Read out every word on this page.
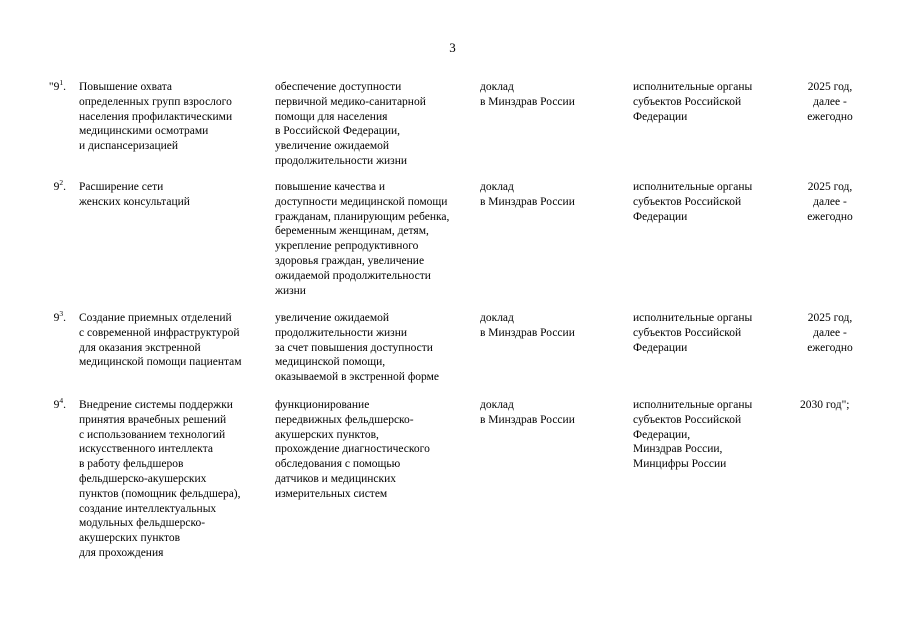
3
"$9^1$. Повышение охвата
определенных групп взрослого
населения профилактическими
медицинскими осмотрами
и диспансеризацией
обеспечение доступности
первичной медико-санитарной
помощи для населения
в Российской Федерации,
увеличение ожидаемой
продолжительности жизни
доклад
в Минздрав России
исполнительные органы
субъектов Российской
Федерации
2025 год,
далее -
ежегодно
$9^2$. Расширение сети
женских консультаций
повышение качества и
доступности медицинской помощи
гражданам, планирующим ребенка,
беременным женщинам, детям,
укрепление репродуктивного
здоровья граждан, увеличение
ожидаемой продолжительности
жизни
доклад
в Минздрав России
исполнительные органы
субъектов Российской
Федерации
2025 год,
далее -
ежегодно
$9^3$. Создание приемных отделений
с современной инфраструктурой
для оказания экстренной
медицинской помощи пациентам
увеличение ожидаемой
продолжительности жизни
за счет повышения доступности
медицинской помощи,
оказываемой в экстренной форме
доклад
в Минздрав России
исполнительные органы
субъектов Российской
Федерации
2025 год,
далее -
ежегодно
$9^4$. Внедрение системы поддержки
принятия врачебных решений
с использованием технологий
искусственного интеллекта
в работу фельдшеров
фельдшерско-акушерских
пунктов (помощник фельдшера),
создание интеллектуальных
модульных фельдшерско-
акушерских пунктов
для прохождения
функционирование
передвижных фельдшерско-
акушерских пунктов,
прохождение диагностического
обследования с помощью
датчиков и медицинских
измерительных систем
доклад
в Минздрав России
исполнительные органы
субъектов Российской
Федерации,
Минздрав России,
Минцифры России
2030 год";
